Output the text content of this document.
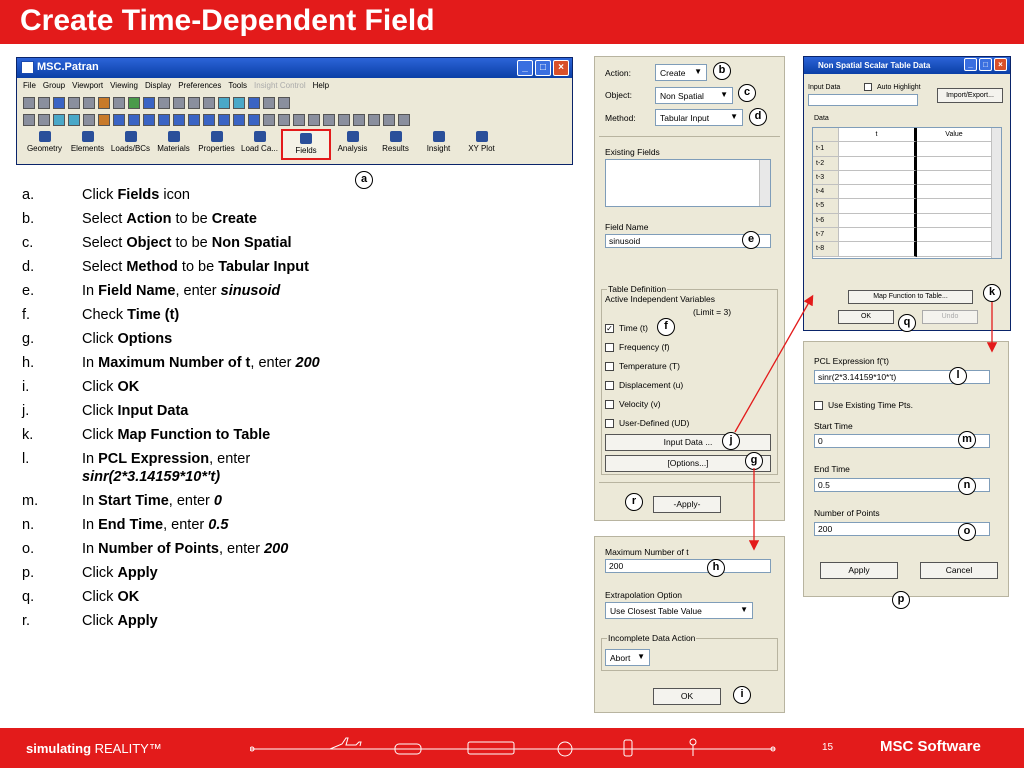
Create Time-Dependent Field
MSC.Patran	_	□	×
File Group Viewport Viewing Display Preferences Tools Insight Control Help
Geometry	Elements Loads/BCs Materials	Properties Load Ca...	Fields	Analysis	Results	Insight	XY Plot
a
a.	Click Fields icon
b.	Select Action to be Create
c.	Select Object to be Non Spatial
d.	Select Method to be Tabular Input
e.	In Field Name, enter sinusoid
f.	Check Time (t)
g.	Click Options
h.	In Maximum Number of t, enter 200
i.	Click OK
j.	Click Input Data
k.	Click Map Function to Table
l.	In PCL Expression, enter
sinr(2*3.14159*10*'t)
m.	In Start Time, enter 0
n.	In End Time, enter 0.5
o.	In Number of Points, enter 200
p.	Click Apply
q.	Click OK
r.	Click Apply
Action:	Create ▼
Object:	Non Spatial ▼
Method:	Tabular Input	▼
Existing Fields
Field Name
sinusoid
Table Definition
Active Independent Variables
(Limit = 3)
✓ Time (t)
Frequency (f)
Temperature (T)
Displacement (u)
Velocity (v)
User-Defined (UD)
Input Data ...
[Options...]
-Apply-
b
c
d
e
f
g
j
r
Maximum Number of t
200
Extrapolation Option
Use Closest Table Value	▼
Incomplete Data Action
Abort ▼
OK
h
i
Non Spatial Scalar Table Data	_	□	×
Input Data	Auto Highlight
Import/Export...
Data
t	Value
t-1
t-2
t-3
t-4
t-5
t-6
t-7
t-8
Map Function to Table...
OK	Undo
k
q
PCL Expression f('t)
sinr(2*3.14159*10*'t)
Use Existing Time Pts.
Start Time
0
End Time
0.5
Number of Points
200
Apply	Cancel
l
m
n
o
p
simulating REALITY™	15	MSC Software
